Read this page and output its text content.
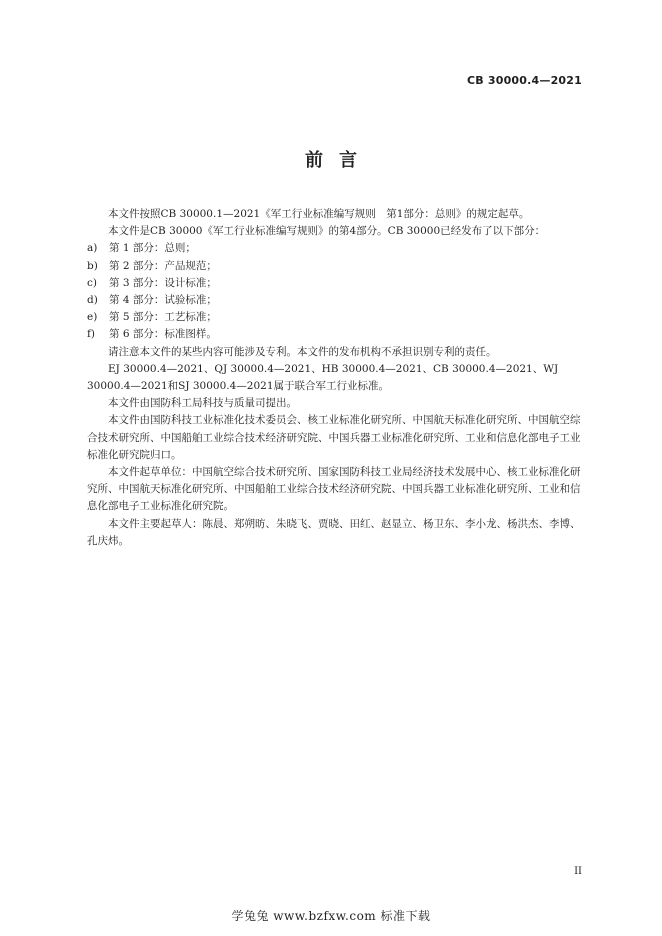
CB 30000.4—2021
前言

本文件按照CB 30000.1—2021《军工行业标准编写规则　第1部分：总则》的规定起草。

本文件是CB 30000《军工行业标准编写规则》的第4部分。CB 30000已经发布了以下部分：

a) 第 1 部分：总则；

b) 第 2 部分：产品规范；

c) 第 3 部分：设计标准；

d) 第 4 部分：试验标准；

e) 第 5 部分：工艺标准；

f) 第 6 部分：标准图样。

请注意本文件的某些内容可能涉及专利。本文件的发布机构不承担识别专利的责任。

EJ 30000.4—2021、QJ 30000.4—2021、HB 30000.4—2021、CB 30000.4—2021、WJ 30000.4—2021和SJ 30000.4—2021属于联合军工行业标准。

本文件由国防科工局科技与质量司提出。

本文件由国防科技工业标准化技术委员会、核工业标准化研究所、中国航天标准化研究所、中国航空综合技术研究所、中国船舶工业综合技术经济研究院、中国兵器工业标准化研究所、工业和信息化部电子工业标准化研究院归口。

本文件起草单位：中国航空综合技术研究所、国家国防科技工业局经济技术发展中心、核工业标准化研究所、中国航天标准化研究所、中国船舶工业综合技术经济研究院、中国兵器工业标准化研究所、工业和信息化部电子工业标准化研究院。

本文件主要起草人：陈晨、郑朔昉、朱晓飞、贾晓、田红、赵显立、杨卫东、李小龙、杨洪杰、李博、孔庆炜。

II
学兔兔 www.bzfxw.com 标准下载
